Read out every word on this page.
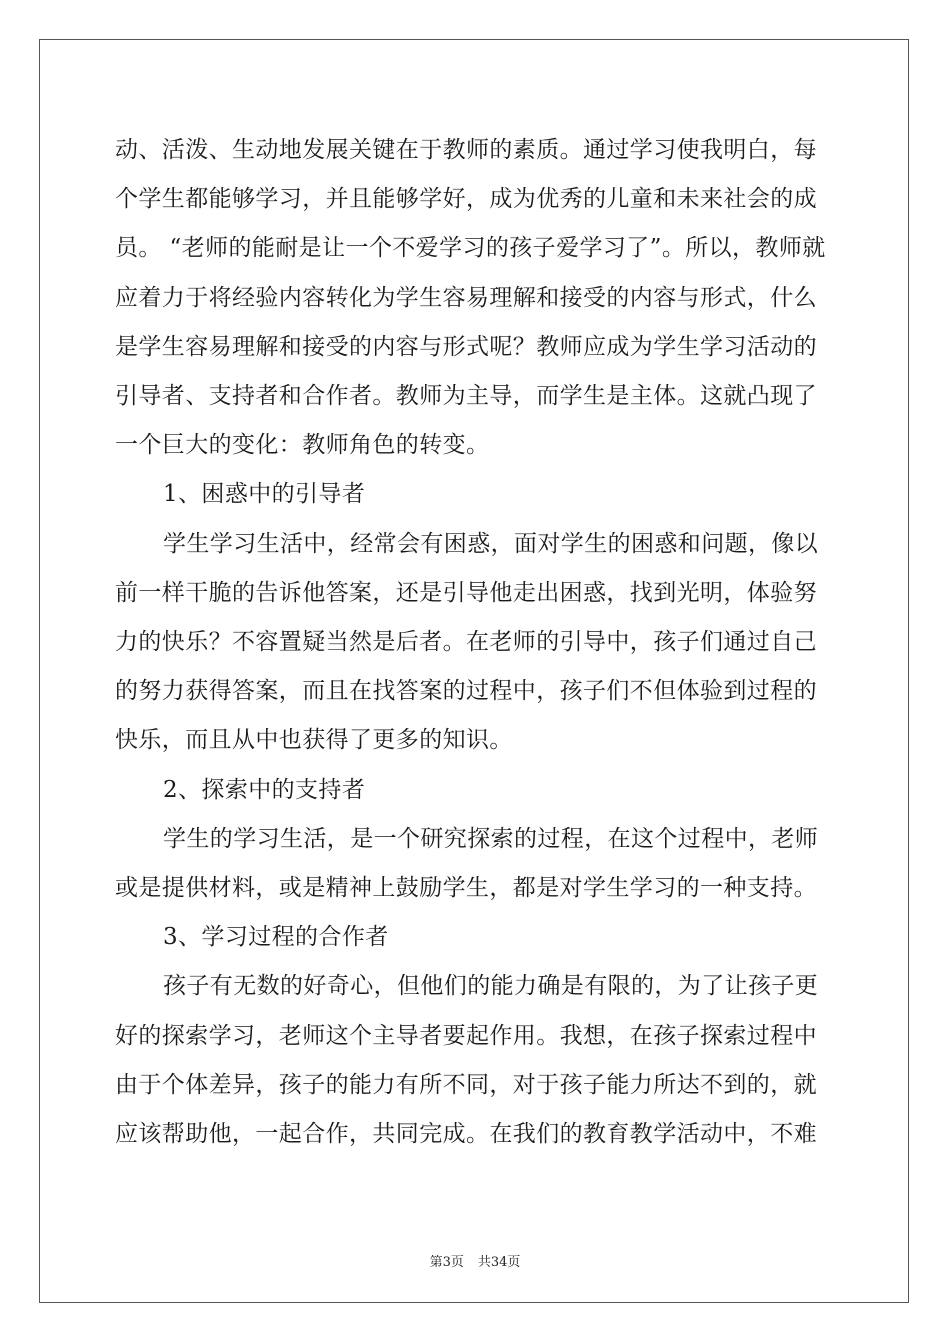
动、活泼、生动地发展关键在于教师的素质。通过学习使我明白，每个学生都能够学习，并且能够学好，成为优秀的儿童和未来社会的成员。 “老师的能耐是让一个不爱学习的孩子爱学习了”。所以，教师就应着力于将经验内容转化为学生容易理解和接受的内容与形式，什么是学生容易理解和接受的内容与形式呢？教师应成为学生学习活动的引导者、支持者和合作者。教师为主导，而学生是主体。这就凸现了一个巨大的变化：教师角色的转变。

1、困惑中的引导者

学生学习生活中，经常会有困惑，面对学生的困惑和问题，像以前一样干脆的告诉他答案，还是引导他走出困惑，找到光明，体验努力的快乐？不容置疑当然是后者。在老师的引导中，孩子们通过自己的努力获得答案，而且在找答案的过程中，孩子们不但体验到过程的快乐，而且从中也获得了更多的知识。

2、探索中的支持者

学生的学习生活，是一个研究探索的过程，在这个过程中，老师或是提供材料，或是精神上鼓励学生，都是对学生学习的一种支持。

3、学习过程的合作者

孩子有无数的好奇心，但他们的能力确是有限的，为了让孩子更好的探索学习，老师这个主导者要起作用。我想，在孩子探索过程中由于个体差异，孩子的能力有所不同，对于孩子能力所达不到的，就应该帮助他，一起合作，共同完成。在我们的教育教学活动中，不难

第3页 共34页
